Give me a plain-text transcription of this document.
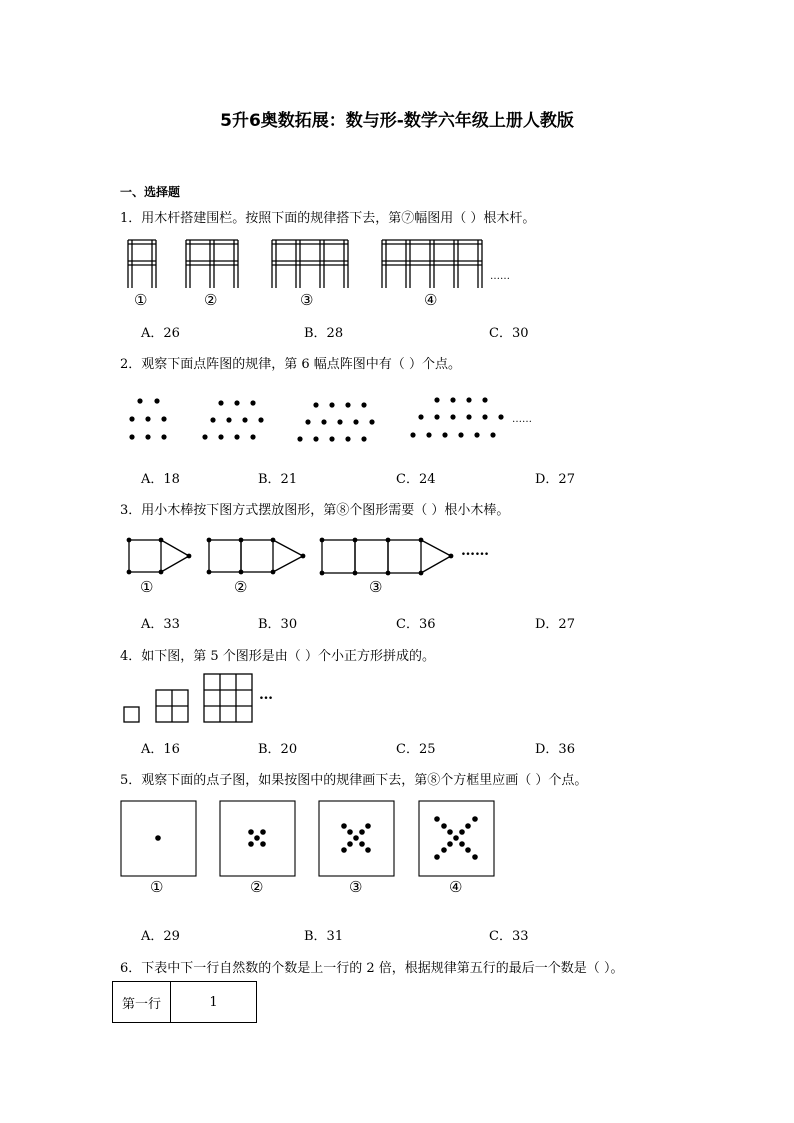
5升6奥数拓展：数与形-数学六年级上册人教版
一、选择题
1．用木杆搭建围栏。按照下面的规律搭下去，第⑦幅图用（ ）根木杆。
……
①	②	③	④
A．26	B．28	C．30
2．观察下面点阵图的规律，第 6 幅点阵图中有（ ）个点。
……
A．18	B．21	C．24	D．27
3．用小木棒按下图方式摆放图形，第⑧个图形需要（ ）根小木棒。
……
①	②	③
A．33	B．30	C．36	D．27
4．如下图，第 5 个图形是由（ ）个小正方形拼成的。
…
A．16	B．20	C．25	D．36
5．观察下面的点子图，如果按图中的规律画下去，第⑧个方框里应画（ ）个点。
①	②	③	④
A．29	B．31	C．33
6．下表中下一行自然数的个数是上一行的 2 倍，根据规律第五行的最后一个数是（ ）。
第一行	1
